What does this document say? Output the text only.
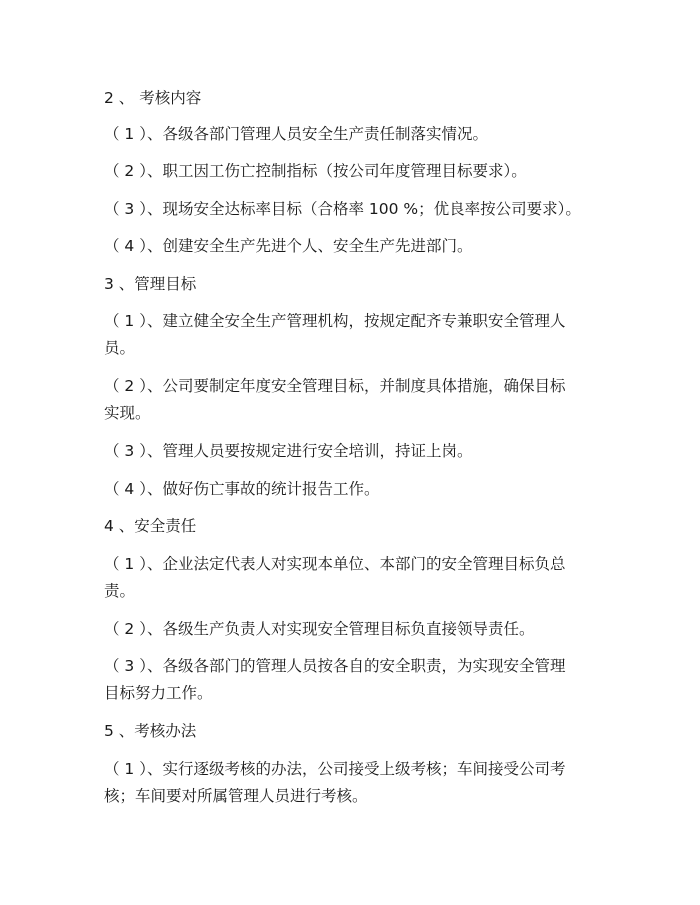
2 、 考核内容
（ 1 ）、各级各部门管理人员安全生产责任制落实情况。
（ 2 ）、职工因工伤亡控制指标（按公司年度管理目标要求）。
（ 3 ）、现场安全达标率目标（合格率 100 %；优良率按公司要求）。
（ 4 ）、创建安全生产先进个人、安全生产先进部门。
3 、管理目标
（ 1 ）、建立健全安全生产管理机构，按规定配齐专兼职安全管理人
员。
（ 2 ）、公司要制定年度安全管理目标，并制度具体措施，确保目标
实现。
（ 3 ）、管理人员要按规定进行安全培训，持证上岗。
（ 4 ）、做好伤亡事故的统计报告工作。
4 、安全责任
（ 1 ）、企业法定代表人对实现本单位、本部门的安全管理目标负总
责。
（ 2 ）、各级生产负责人对实现安全管理目标负直接领导责任。
（ 3 ）、各级各部门的管理人员按各自的安全职责，为实现安全管理
目标努力工作。
5 、考核办法
（ 1 ）、实行逐级考核的办法，公司接受上级考核；车间接受公司考
核；车间要对所属管理人员进行考核。
